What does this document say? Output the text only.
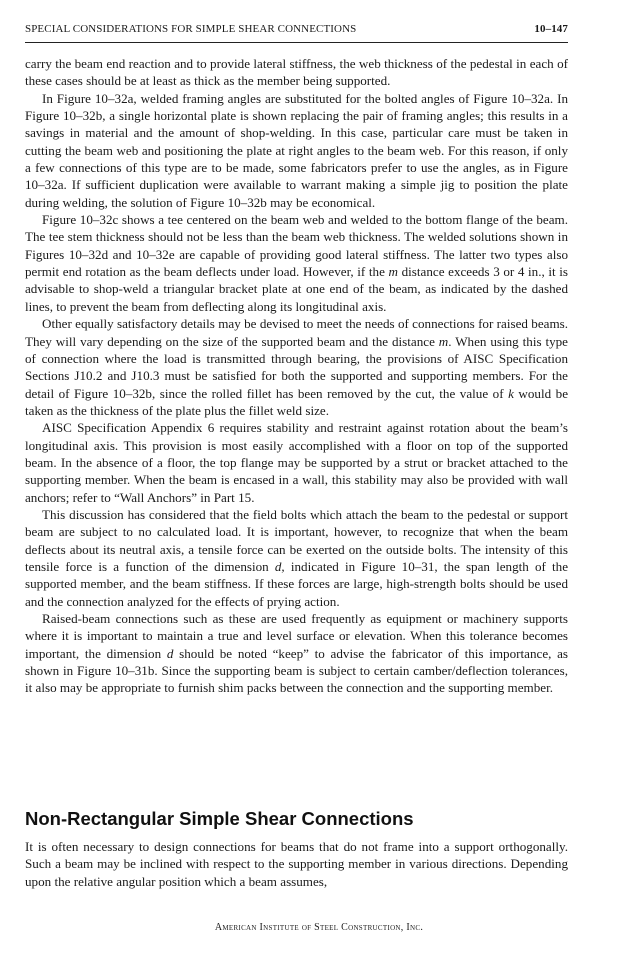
SPECIAL CONSIDERATIONS FOR SIMPLE SHEAR CONNECTIONS	10–147

carry the beam end reaction and to provide lateral stiffness, the web thickness of the pedestal in each of these cases should be at least as thick as the member being supported.

In Figure 10–32a, welded framing angles are substituted for the bolted angles of Figure 10–32a. In Figure 10–32b, a single horizontal plate is shown replacing the pair of framing angles; this results in a savings in material and the amount of shop-welding. In this case, particular care must be taken in cutting the beam web and positioning the plate at right angles to the beam web. For this reason, if only a few connections of this type are to be made, some fabricators prefer to use the angles, as in Figure 10–32a. If sufficient duplication were available to warrant making a simple jig to position the plate during welding, the solution of Figure 10–32b may be economical.

Figure 10–32c shows a tee centered on the beam web and welded to the bottom flange of the beam. The tee stem thickness should not be less than the beam web thickness. The welded solutions shown in Figures 10–32d and 10–32e are capable of providing good lateral stiffness. The latter two types also permit end rotation as the beam deflects under load. However, if the m distance exceeds 3 or 4 in., it is advisable to shop-weld a triangular bracket plate at one end of the beam, as indicated by the dashed lines, to prevent the beam from deflecting along its longitudinal axis.

Other equally satisfactory details may be devised to meet the needs of connections for raised beams. They will vary depending on the size of the supported beam and the distance m. When using this type of connection where the load is transmitted through bearing, the provisions of AISC Specification Sections J10.2 and J10.3 must be satisfied for both the supported and supporting members. For the detail of Figure 10–32b, since the rolled fillet has been removed by the cut, the value of k would be taken as the thickness of the plate plus the fillet weld size.

AISC Specification Appendix 6 requires stability and restraint against rotation about the beam’s longitudinal axis. This provision is most easily accomplished with a floor on top of the supported beam. In the absence of a floor, the top flange may be supported by a strut or bracket attached to the supporting member. When the beam is encased in a wall, this stability may also be provided with wall anchors; refer to “Wall Anchors” in Part 15.

This discussion has considered that the field bolts which attach the beam to the pedestal or support beam are subject to no calculated load. It is important, however, to recognize that when the beam deflects about its neutral axis, a tensile force can be exerted on the outside bolts. The intensity of this tensile force is a function of the dimension d, indicated in Figure 10–31, the span length of the supported member, and the beam stiffness. If these forces are large, high-strength bolts should be used and the connection analyzed for the effects of prying action.

Raised-beam connections such as these are used frequently as equipment or machinery supports where it is important to maintain a true and level surface or elevation. When this tolerance becomes important, the dimension d should be noted “keep” to advise the fabricator of this importance, as shown in Figure 10–31b. Since the supporting beam is subject to certain camber/deflection tolerances, it also may be appropriate to furnish shim packs between the connection and the supporting member.

Non-Rectangular Simple Shear Connections

It is often necessary to design connections for beams that do not frame into a support orthogonally. Such a beam may be inclined with respect to the supporting member in various directions. Depending upon the relative angular position which a beam assumes,

American Institute of Steel Construction, Inc.
